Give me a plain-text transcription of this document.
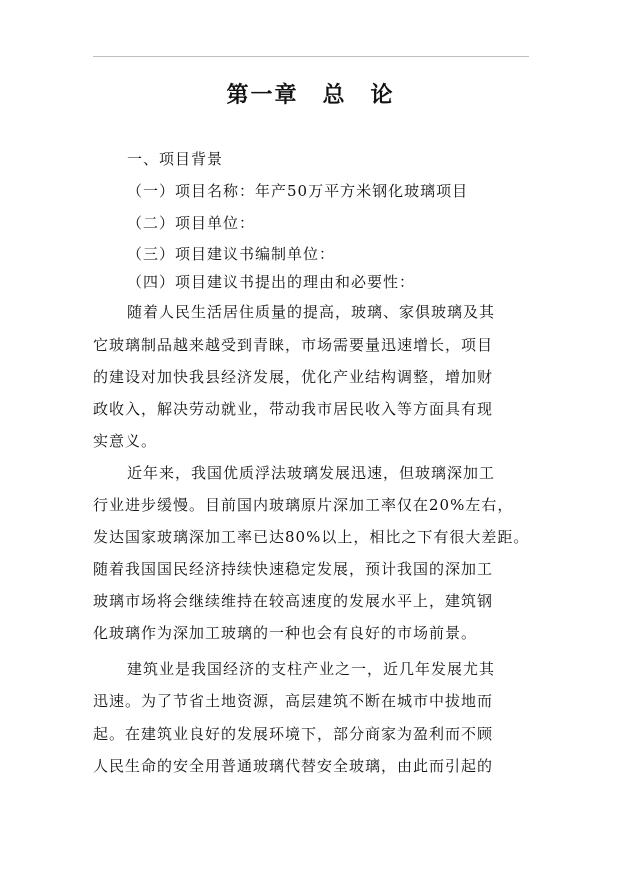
第一章　总　论
一、项目背景
（一）项目名称：年产50万平方米钢化玻璃项目
（二）项目单位：
（三）项目建议书编制单位：
（四）项目建议书提出的理由和必要性：
随着人民生活居住质量的提高，玻璃、家俱玻璃及其
它玻璃制品越来越受到青睐，市场需要量迅速增长，项目
的建设对加快我县经济发展，优化产业结构调整，增加财
政收入，解决劳动就业，带动我市居民收入等方面具有现
实意义。
近年来，我国优质浮法玻璃发展迅速，但玻璃深加工
行业进步缓慢。目前国内玻璃原片深加工率仅在20%左右，
发达国家玻璃深加工率已达80%以上，相比之下有很大差距。
随着我国国民经济持续快速稳定发展，预计我国的深加工
玻璃市场将会继续维持在较高速度的发展水平上，建筑钢
化玻璃作为深加工玻璃的一种也会有良好的市场前景。
建筑业是我国经济的支柱产业之一，近几年发展尤其
迅速。为了节省土地资源，高层建筑不断在城市中拔地而
起。在建筑业良好的发展环境下，部分商家为盈利而不顾
人民生命的安全用普通玻璃代替安全玻璃，由此而引起的
